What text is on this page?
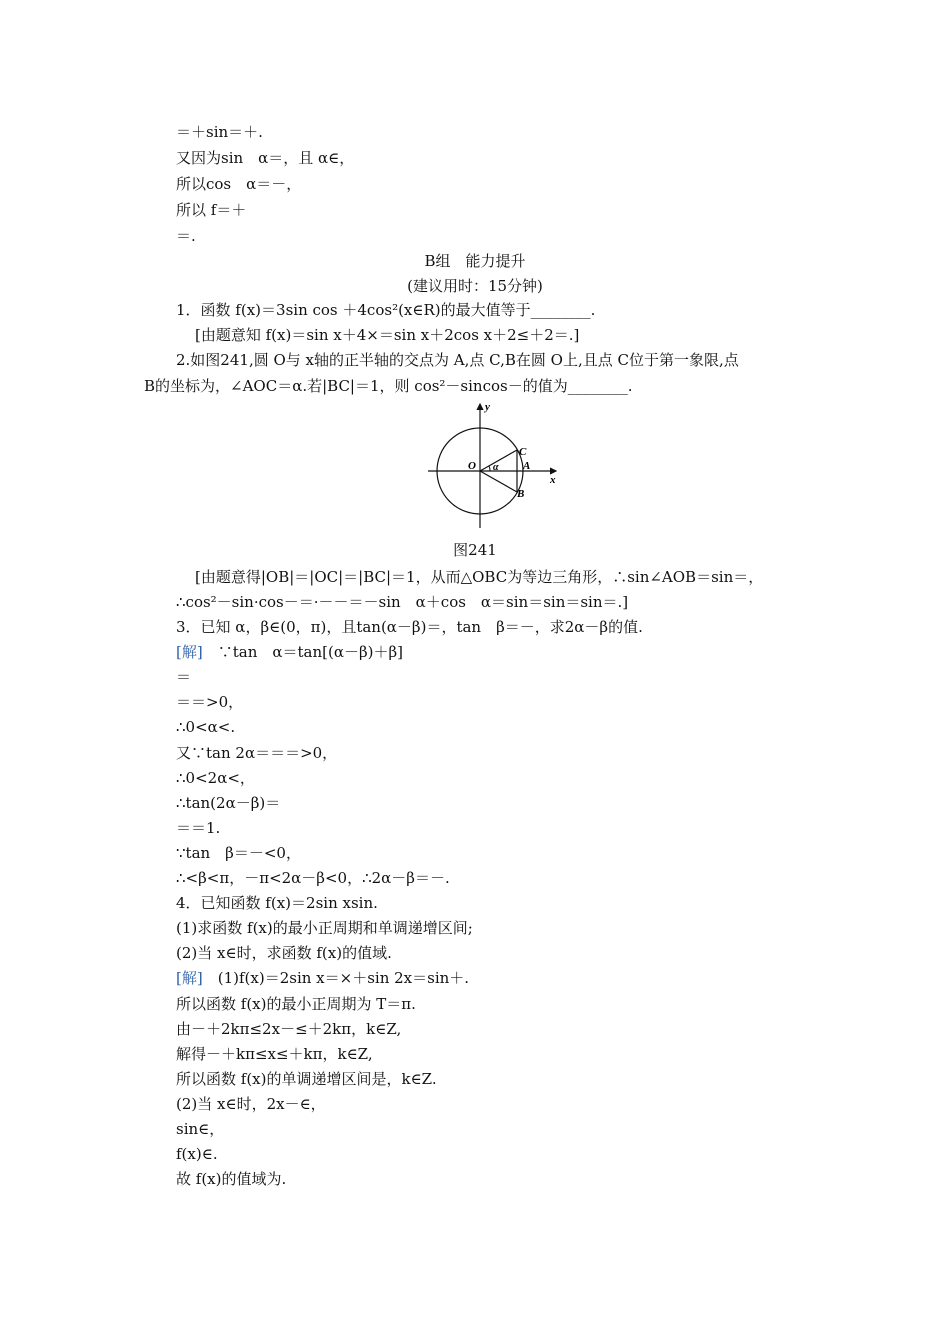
＝＋sin＝＋.
又因为sin　α＝，且 α∈，
所以cos　α＝－，
所以 f＝＋
＝.
B组　能力提升
(建议用时：15分钟)
1．函数 f(x)＝3sin cos ＋4cos²(x∈R)的最大值等于________.
[由题意知 f(x)＝sin x＋4×＝sin x＋2cos x＋2≤＋2＝.]
2.如图241,圆 O与 x轴的正半轴的交点为 A,点 C,B在圆 O上,且点 C位于第一象限,点
B的坐标为，∠AOC＝α.若|BC|＝1，则 cos²－sincos－的值为________.
y
x
O
C
A
B
α
图241
[由题意得|OB|＝|OC|＝|BC|＝1，从而△OBC为等边三角形，∴sin∠AOB＝sin＝，
∴cos²－sin·cos－＝·－－＝－sin　α＋cos　α＝sin＝sin＝sin＝.]
3．已知 α，β∈(0，π)，且tan(α－β)＝，tan　β＝－，求2α－β的值.
[解]　 ∵tan　α＝tan[(α－β)＋β]
＝
＝＝>0，
∴0<α<.
又∵tan 2α＝＝＝>0，
∴0<2α<，
∴tan(2α－β)＝
＝＝1.
∵tan　β＝－<0，
∴<β<π，－π<2α－β<0，∴2α－β＝－.
4．已知函数 f(x)＝2sin xsin.
(1)求函数 f(x)的最小正周期和单调递增区间;
(2)当 x∈时，求函数 f(x)的值域.
[解]　 (1)f(x)＝2sin x＝×＋sin 2x＝sin＋.
所以函数 f(x)的最小正周期为 T＝π.
由－＋2kπ≤2x－≤＋2kπ，k∈Z,
解得－＋kπ≤x≤＋kπ，k∈Z,
所以函数 f(x)的单调递增区间是，k∈Z.
(2)当 x∈时，2x－∈，
sin∈，
f(x)∈.
故 f(x)的值域为.
